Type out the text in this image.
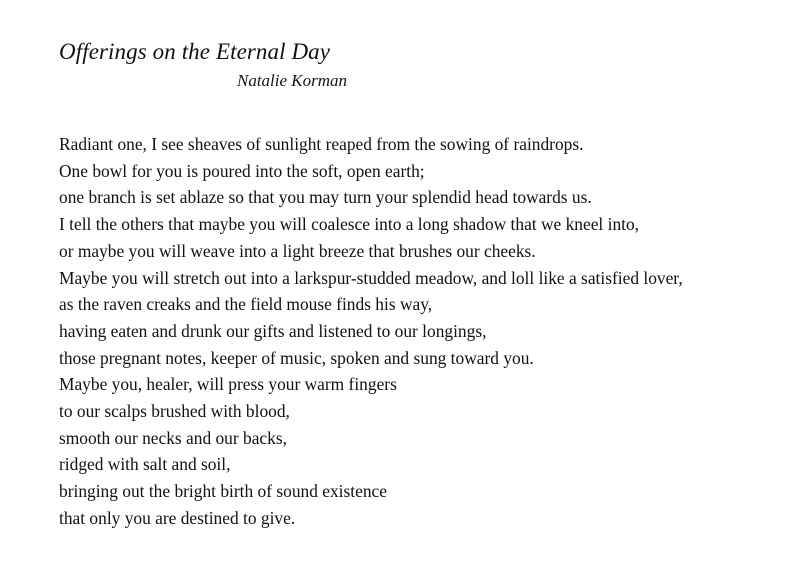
Offerings on the Eternal Day
Natalie Korman

Radiant one, I see sheaves of sunlight reaped from the sowing of raindrops.

One bowl for you is poured into the soft, open earth;

one branch is set ablaze so that you may turn your splendid head towards us.

I tell the others that maybe you will coalesce into a long shadow that we kneel into,

or maybe you will weave into a light breeze that brushes our cheeks.

Maybe you will stretch out into a larkspur-studded meadow, and loll like a satisfied lover,

as the raven creaks and the field mouse finds his way,

having eaten and drunk our gifts and listened to our longings,

those pregnant notes, keeper of music, spoken and sung toward you.

Maybe you, healer, will press your warm fingers

to our scalps brushed with blood,

smooth our necks and our backs,

ridged with salt and soil,

bringing out the bright birth of sound existence

that only you are destined to give.
